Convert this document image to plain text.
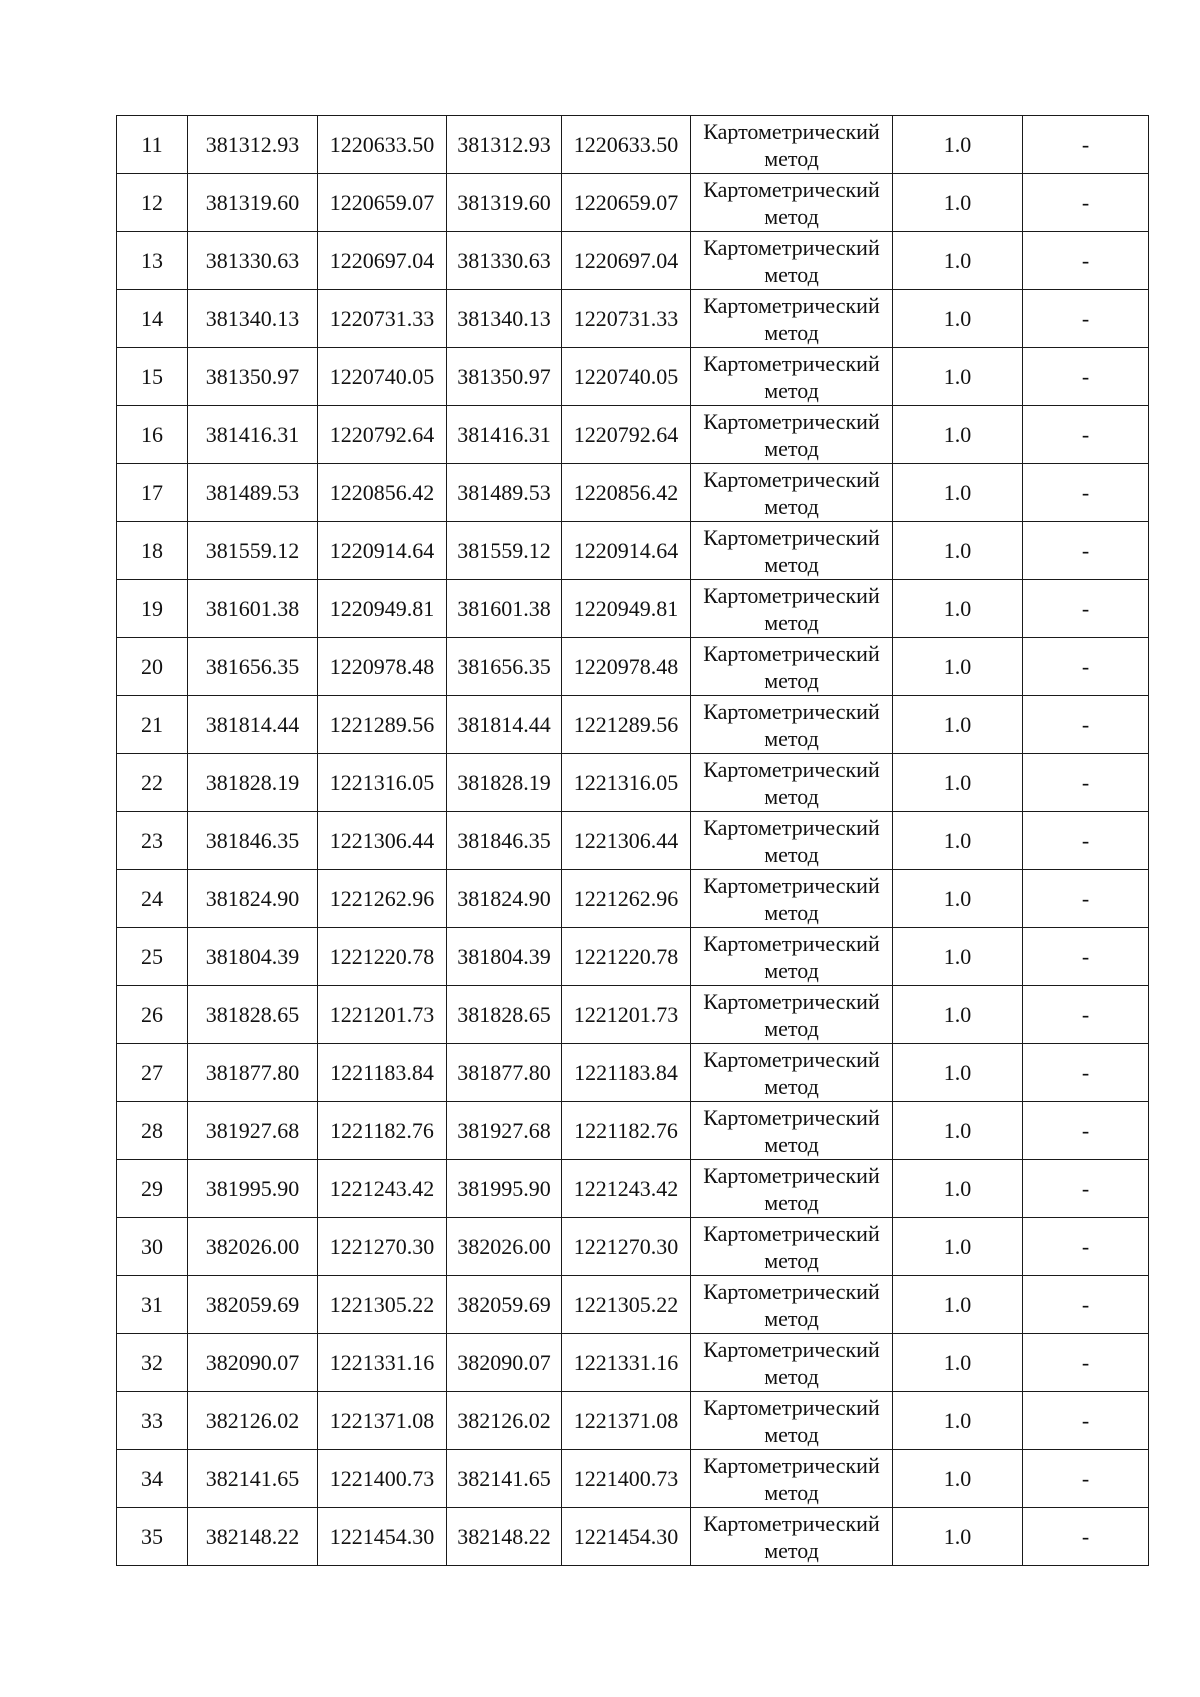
11	381312.93	1220633.50	381312.93	1220633.50	Картометрический
метод	1.0	-
12	381319.60	1220659.07	381319.60	1220659.07	Картометрический
метод	1.0	-
13	381330.63	1220697.04	381330.63	1220697.04	Картометрический
метод	1.0	-
14	381340.13	1220731.33	381340.13	1220731.33	Картометрический
метод	1.0	-
15	381350.97	1220740.05	381350.97	1220740.05	Картометрический
метод	1.0	-
16	381416.31	1220792.64	381416.31	1220792.64	Картометрический
метод	1.0	-
17	381489.53	1220856.42	381489.53	1220856.42	Картометрический
метод	1.0	-
18	381559.12	1220914.64	381559.12	1220914.64	Картометрический
метод	1.0	-
19	381601.38	1220949.81	381601.38	1220949.81	Картометрический
метод	1.0	-
20	381656.35	1220978.48	381656.35	1220978.48	Картометрический
метод	1.0	-
21	381814.44	1221289.56	381814.44	1221289.56	Картометрический
метод	1.0	-
22	381828.19	1221316.05	381828.19	1221316.05	Картометрический
метод	1.0	-
23	381846.35	1221306.44	381846.35	1221306.44	Картометрический
метод	1.0	-
24	381824.90	1221262.96	381824.90	1221262.96	Картометрический
метод	1.0	-
25	381804.39	1221220.78	381804.39	1221220.78	Картометрический
метод	1.0	-
26	381828.65	1221201.73	381828.65	1221201.73	Картометрический
метод	1.0	-
27	381877.80	1221183.84	381877.80	1221183.84	Картометрический
метод	1.0	-
28	381927.68	1221182.76	381927.68	1221182.76	Картометрический
метод	1.0	-
29	381995.90	1221243.42	381995.90	1221243.42	Картометрический
метод	1.0	-
30	382026.00	1221270.30	382026.00	1221270.30	Картометрический
метод	1.0	-
31	382059.69	1221305.22	382059.69	1221305.22	Картометрический
метод	1.0	-
32	382090.07	1221331.16	382090.07	1221331.16	Картометрический
метод	1.0	-
33	382126.02	1221371.08	382126.02	1221371.08	Картометрический
метод	1.0	-
34	382141.65	1221400.73	382141.65	1221400.73	Картометрический
метод	1.0	-
35	382148.22	1221454.30	382148.22	1221454.30	Картометрический
метод	1.0	-
